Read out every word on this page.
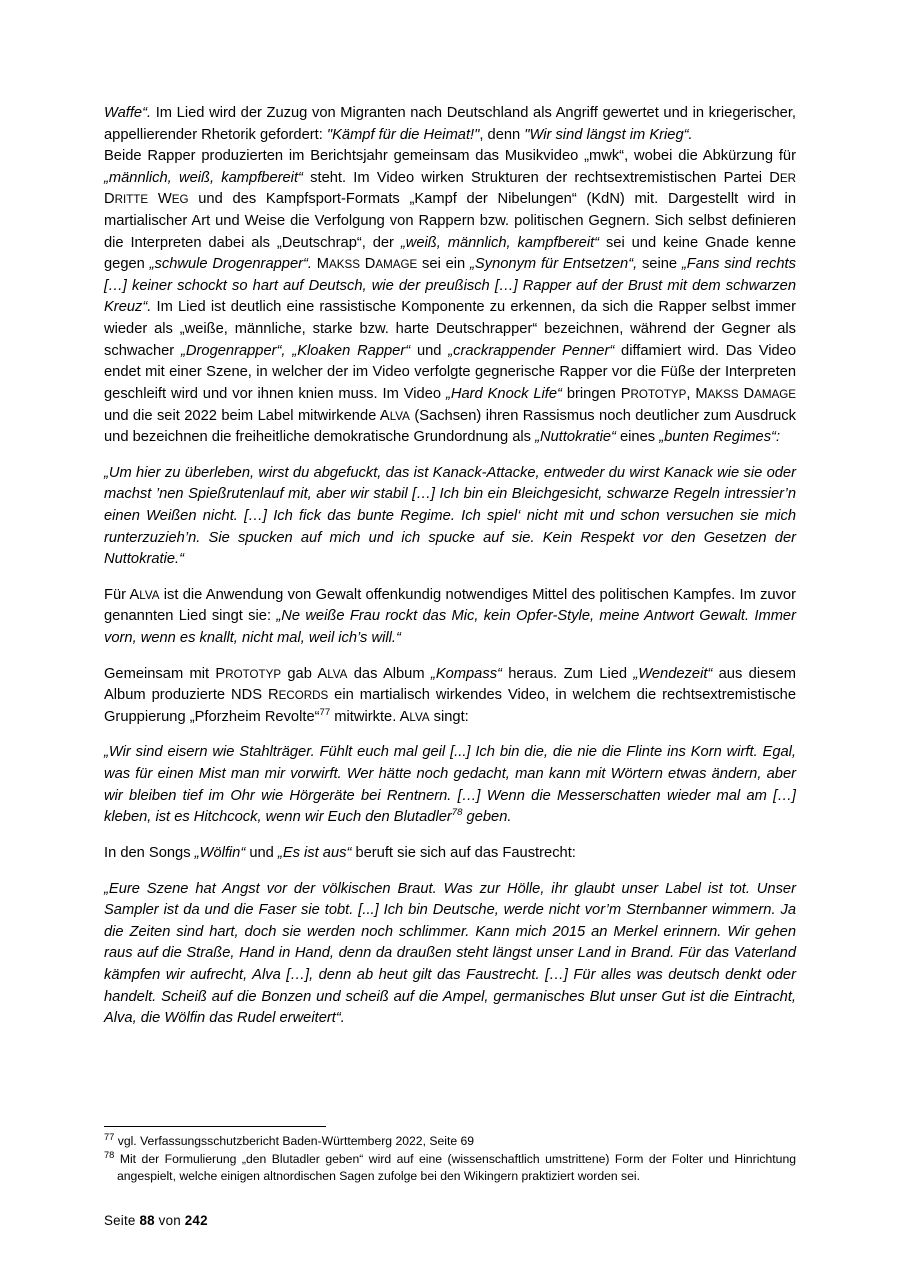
Waffe“. Im Lied wird der Zuzug von Migranten nach Deutschland als Angriff gewertet und in kriegerischer, appellierender Rhetorik gefordert: "Kämpf für die Heimat!", denn "Wir sind längst im Krieg“.

Beide Rapper produzierten im Berichtsjahr gemeinsam das Musikvideo „mwk“, wobei die Abkürzung für „männlich, weiß, kampfbereit“ steht. Im Video wirken Strukturen der rechtsextremistischen Partei DER DRITTE WEG und des Kampfsport-Formats „Kampf der Nibelungen“ (KdN) mit. Dargestellt wird in martialischer Art und Weise die Verfolgung von Rappern bzw. politischen Gegnern. Sich selbst definieren die Interpreten dabei als „Deutschrap“, der „weiß, männlich, kampfbereit“ sei und keine Gnade kenne gegen „schwule Drogenrapper“. MAKSS DAMAGE sei ein „Synonym für Entsetzen“, seine „Fans sind rechts […] keiner schockt so hart auf Deutsch, wie der preußisch […] Rapper auf der Brust mit dem schwarzen Kreuz“. Im Lied ist deutlich eine rassistische Komponente zu erkennen, da sich die Rapper selbst immer wieder als „weiße, männliche, starke bzw. harte Deutschrapper“ bezeichnen, während der Gegner als schwacher „Drogenrapper“, „Kloaken Rapper“ und „crackrappender Penner“ diffamiert wird. Das Video endet mit einer Szene, in welcher der im Video verfolgte gegnerische Rapper vor die Füße der Interpreten geschleift wird und vor ihnen knien muss. Im Video „Hard Knock Life“ bringen PROTOTYP, MAKSS DAMAGE und die seit 2022 beim Label mitwirkende ALVA (Sachsen) ihren Rassismus noch deutlicher zum Ausdruck und bezeichnen die freiheitliche demokratische Grundordnung als „Nuttokratie“ eines „bunten Regimes“:

„Um hier zu überleben, wirst du abgefuckt, das ist Kanack-Attacke, entweder du wirst Kanack wie sie oder machst ’nen Spießrutenlauf mit, aber wir stabil […] Ich bin ein Bleichgesicht, schwarze Regeln intressier’n einen Weißen nicht. […] Ich fick das bunte Regime. Ich spiel‘ nicht mit und schon versuchen sie mich runterzuzieh’n. Sie spucken auf mich und ich spucke auf sie. Kein Respekt vor den Gesetzen der Nuttokratie.“

Für ALVA ist die Anwendung von Gewalt offenkundig notwendiges Mittel des politischen Kampfes. Im zuvor genannten Lied singt sie: „Ne weiße Frau rockt das Mic, kein Opfer-Style, meine Antwort Gewalt. Immer vorn, wenn es knallt, nicht mal, weil ich’s will.“

Gemeinsam mit PROTOTYP gab ALVA das Album „Kompass“ heraus. Zum Lied „Wendezeit“ aus diesem Album produzierte NDS RECORDS ein martialisch wirkendes Video, in welchem die rechtsextremistische Gruppierung „Pforzheim Revolte“$^{77}$ mitwirkte. ALVA singt:

„Wir sind eisern wie Stahlträger. Fühlt euch mal geil [...] Ich bin die, die nie die Flinte ins Korn wirft. Egal, was für einen Mist man mir vorwirft. Wer hätte noch gedacht, man kann mit Wörtern etwas ändern, aber wir bleiben tief im Ohr wie Hörgeräte bei Rentnern. […] Wenn die Messerschatten wieder mal am […] kleben, ist es Hitchcock, wenn wir Euch den Blutadler$^{78}$ geben.

In den Songs „Wölfin“ und „Es ist aus“ beruft sie sich auf das Faustrecht:

„Eure Szene hat Angst vor der völkischen Braut. Was zur Hölle, ihr glaubt unser Label ist tot. Unser Sampler ist da und die Faser sie tobt. [...] Ich bin Deutsche, werde nicht vor’m Sternbanner wimmern. Ja die Zeiten sind hart, doch sie werden noch schlimmer. Kann mich 2015 an Merkel erinnern. Wir gehen raus auf die Straße, Hand in Hand, denn da draußen steht längst unser Land in Brand. Für das Vaterland kämpfen wir aufrecht, Alva […], denn ab heut gilt das Faustrecht. […] Für alles was deutsch denkt oder handelt. Scheiß auf die Bonzen und scheiß auf die Ampel, germanisches Blut unser Gut ist die Eintracht, Alva, die Wölfin das Rudel erweitert“.

$^{77}$ vgl. Verfassungsschutzbericht Baden-Württemberg 2022, Seite 69

$^{78}$ Mit der Formulierung „den Blutadler geben“ wird auf eine (wissenschaftlich umstrittene) Form der Folter und Hinrichtung angespielt, welche einigen altnordischen Sagen zufolge bei den Wikingern praktiziert worden sei.

Seite 88 von 242
